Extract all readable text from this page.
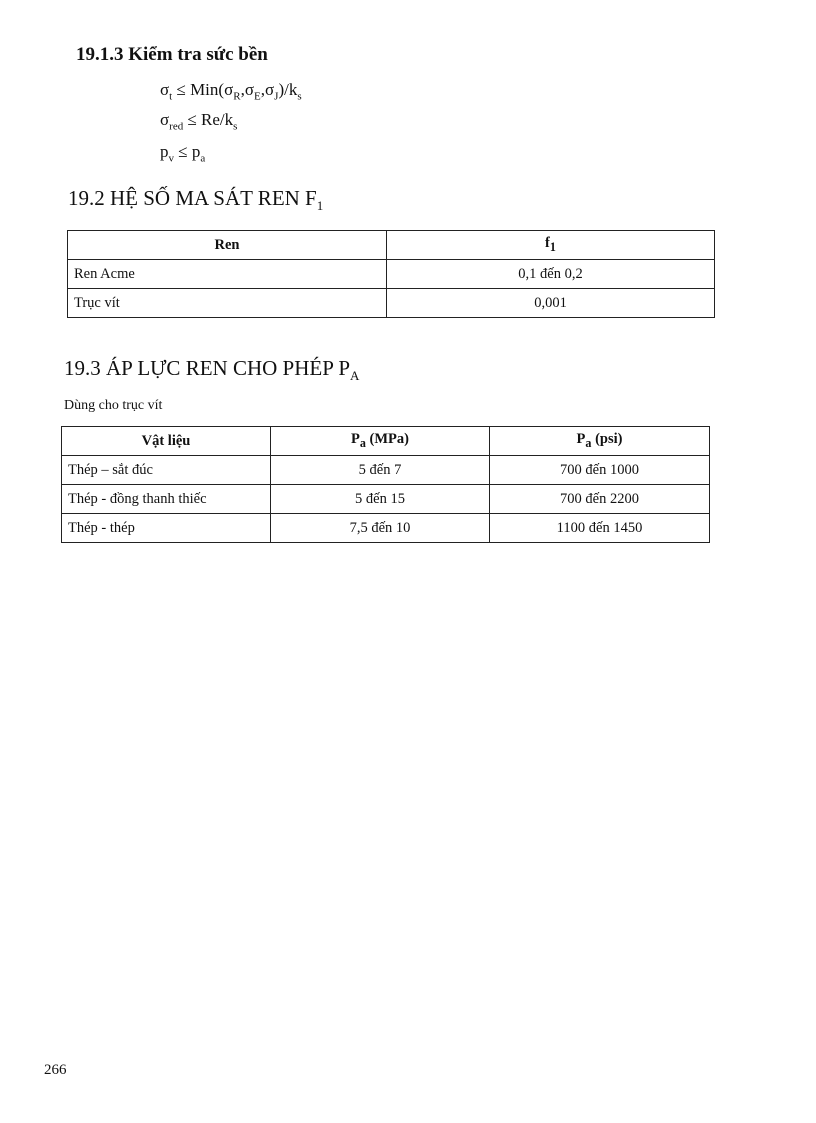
19.1.3 Kiểm tra sức bền
$\sigma_t \le Min(\sigma_R,\sigma_E,\sigma_J)/k_s$
$\sigma_{red} \le Re/k_s$
$p_v \le p_a$
19.2 HỆ SỐ MA SÁT REN $F_1$
Ren	$f_1$
Ren Acme	0,1 đến 0,2
Trục vít	0,001
19.3 ÁP LỰC REN CHO PHÉP $P_A$
Dùng cho trục vít
Vật liệu	$P_a$ (MPa)	$P_a$ (psi)
Thép – sắt đúc	5 đến 7	700 đến 1000
Thép - đồng thanh thiếc	5 đến 15	700 đến 2200
Thép - thép	7,5 đến 10	1100 đến 1450
266
